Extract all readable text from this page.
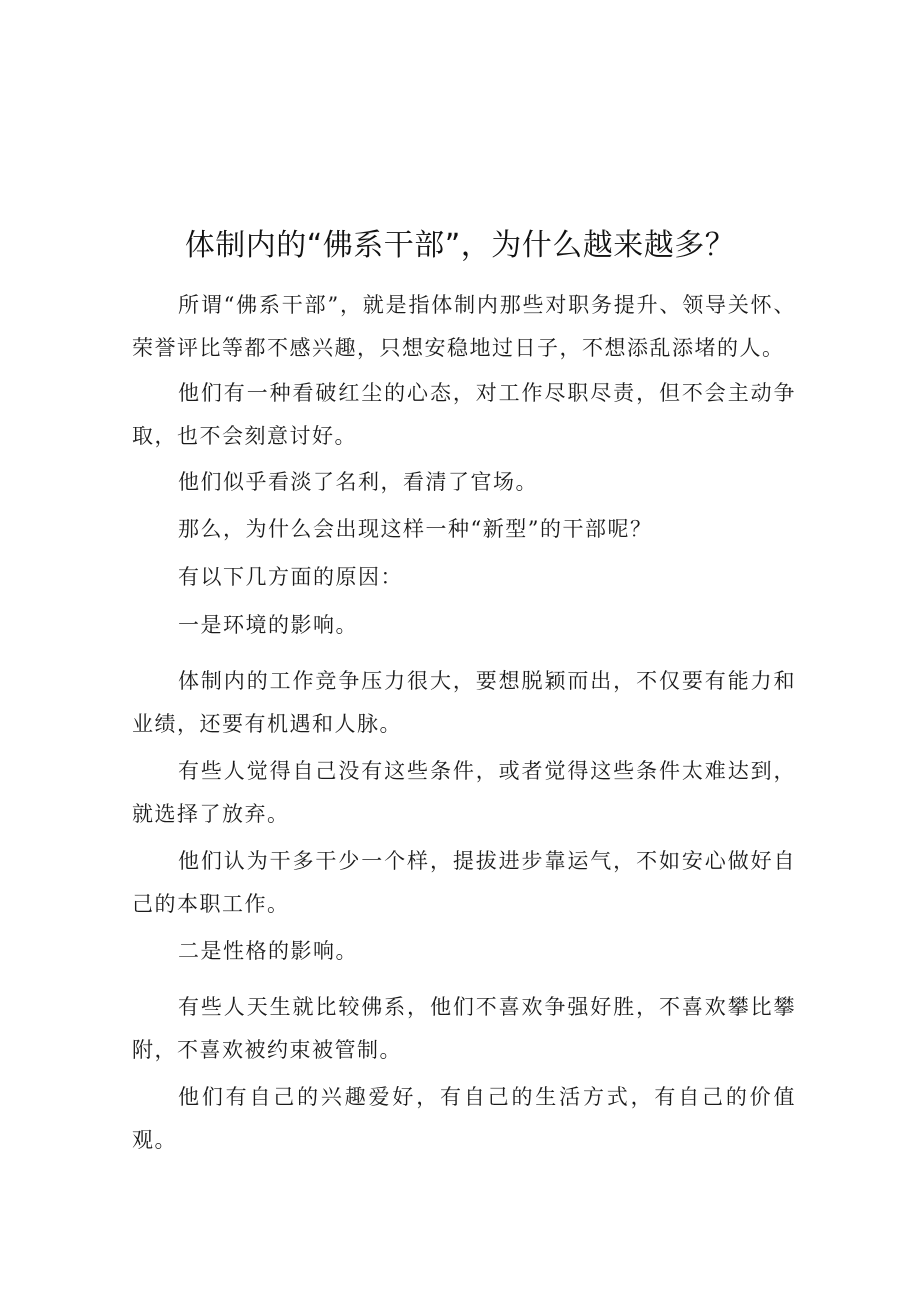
体制内的“佛系干部”，为什么越来越多？

所谓“佛系干部”，就是指体制内那些对职务提升、领导关怀、荣誉评比等都不感兴趣，只想安稳地过日子，不想添乱添堵的人。

他们有一种看破红尘的心态，对工作尽职尽责，但不会主动争取，也不会刻意讨好。

他们似乎看淡了名利，看清了官场。

那么，为什么会出现这样一种“新型”的干部呢？

有以下几方面的原因：

一是环境的影响。

体制内的工作竞争压力很大，要想脱颖而出，不仅要有能力和业绩，还要有机遇和人脉。

有些人觉得自己没有这些条件，或者觉得这些条件太难达到，就选择了放弃。

他们认为干多干少一个样，提拔进步靠运气，不如安心做好自己的本职工作。

二是性格的影响。

有些人天生就比较佛系，他们不喜欢争强好胜，不喜欢攀比攀附，不喜欢被约束被管制。

他们有自己的兴趣爱好，有自己的生活方式，有自己的价值观。
